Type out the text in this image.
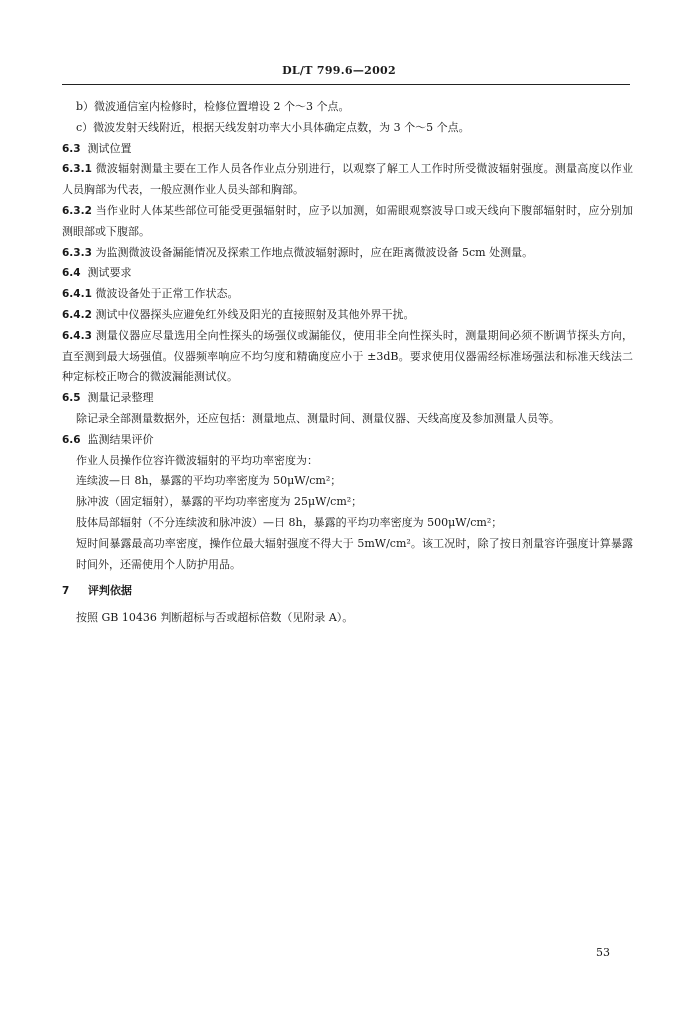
DL/T 799.6—2002

b）微波通信室内检修时，检修位置增设 2 个～3 个点。

c）微波发射天线附近，根据天线发射功率大小具体确定点数，为 3 个～5 个点。

6.3 测试位置

6.3.1 微波辐射测量主要在工作人员各作业点分别进行，以观察了解工人工作时所受微波辐射强度。测量高度以作业人员胸部为代表，一般应测作业人员头部和胸部。

6.3.2 当作业时人体某些部位可能受更强辐射时，应予以加测，如需眼观察波导口或天线向下腹部辐射时，应分别加测眼部或下腹部。

6.3.3 为监测微波设备漏能情况及探索工作地点微波辐射源时，应在距离微波设备 5cm 处测量。

6.4 测试要求

6.4.1 微波设备处于正常工作状态。

6.4.2 测试中仪器探头应避免红外线及阳光的直接照射及其他外界干扰。

6.4.3 测量仪器应尽量选用全向性探头的场强仪或漏能仪，使用非全向性探头时，测量期间必须不断调节探头方向，直至测到最大场强值。仪器频率响应不均匀度和精确度应小于 ±3dB。要求使用仪器需经标准场强法和标准天线法二种定标校正吻合的微波漏能测试仪。

6.5 测量记录整理

除记录全部测量数据外，还应包括：测量地点、测量时间、测量仪器、天线高度及参加测量人员等。

6.6 监测结果评价

作业人员操作位容许微波辐射的平均功率密度为：

连续波—日 8h，暴露的平均功率密度为 50μW/cm²；

脉冲波（固定辐射），暴露的平均功率密度为 25μW/cm²；

肢体局部辐射（不分连续波和脉冲波）—日 8h，暴露的平均功率密度为 500μW/cm²；

短时间暴露最高功率密度，操作位最大辐射强度不得大于 5mW/cm²。该工况时，除了按日剂量容许强度计算暴露时间外，还需使用个人防护用品。

7 评判依据

按照 GB 10436 判断超标与否或超标倍数（见附录 A）。

53
